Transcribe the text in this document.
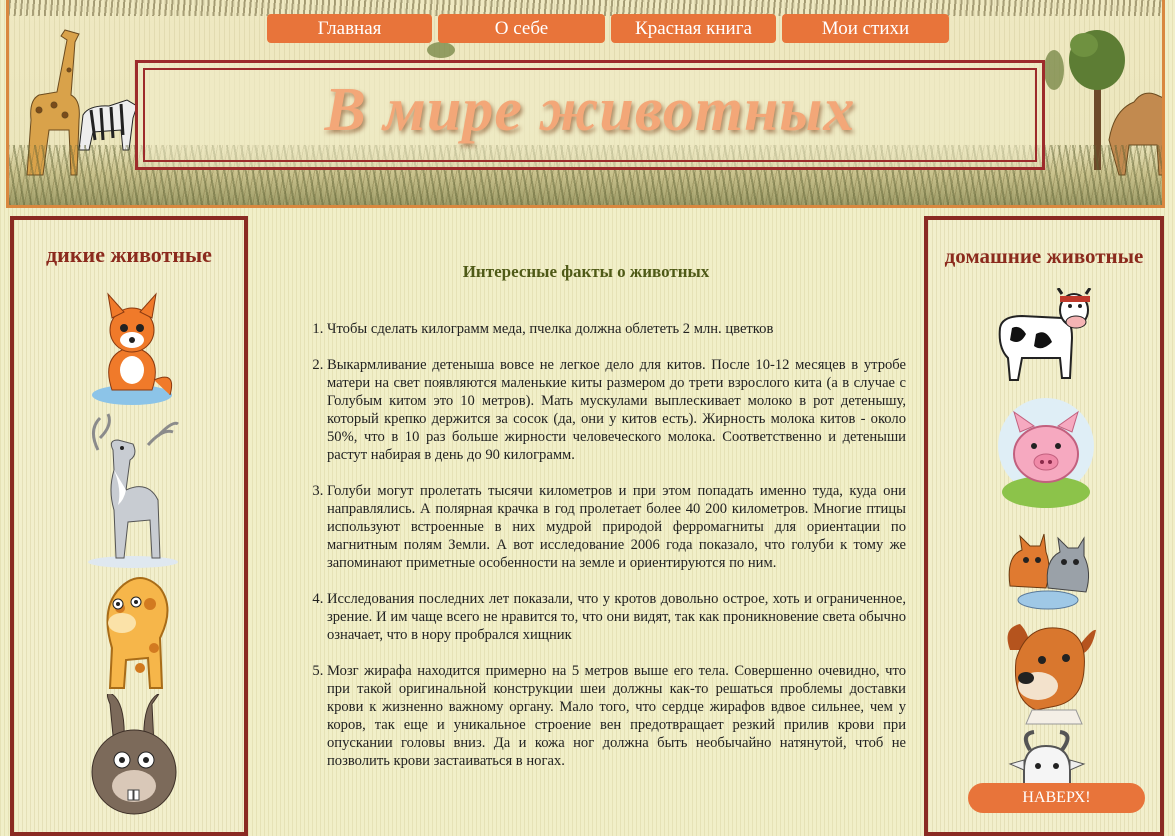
В мире животных
Главная	О себе	Красная книга	Мои стихи
дикие животные
Интересные факты о животных
1. Чтобы сделать килограмм меда, пчелка должна облететь 2 млн. цветков
2. Выкармливание детеныша вовсе не легкое дело для китов. После 10-12 месяцев в утробе матери на свет появляются маленькие киты размером до трети взрослого кита (а в случае с Голубым китом это 10 метров). Мать мускулами выплескивает молоко в рот детенышу, который крепко держится за сосок (да, они у китов есть). Жирность молока китов - около 50%, что в 10 раз больше жирности человеческого молока. Соответственно и детеныши растут набирая в день до 90 килограмм.
3. Голуби могут пролетать тысячи километров и при этом попадать именно туда, куда они направлялись. А полярная крачка в год пролетает более 40 200 километров. Многие птицы используют встроенные в них мудрой природой ферромагниты для ориентации по магнитным полям Земли. А вот исследование 2006 года показало, что голуби к тому же запоминают приметные особенности на земле и ориентируются по ним.
4. Исследования последних лет показали, что у кротов довольно острое, хоть и ограниченное, зрение. И им чаще всего не нравится то, что они видят, так как проникновение света обычно означает, что в нору пробрался хищник
5. Мозг жирафа находится примерно на 5 метров выше его тела. Совершенно очевидно, что при такой оригинальной конструкции шеи должны как-то решаться проблемы доставки крови к жизненно важному органу. Мало того, что сердце жирафов вдвое сильнее, чем у коров, так еще и уникальное строение вен предотвращает резкий прилив крови при опускании головы вниз. Да и кожа ног должна быть необычайно натянутой, чтоб не позволить крови застаиваться в ногах.
домашние животные
НАВЕРХ!
